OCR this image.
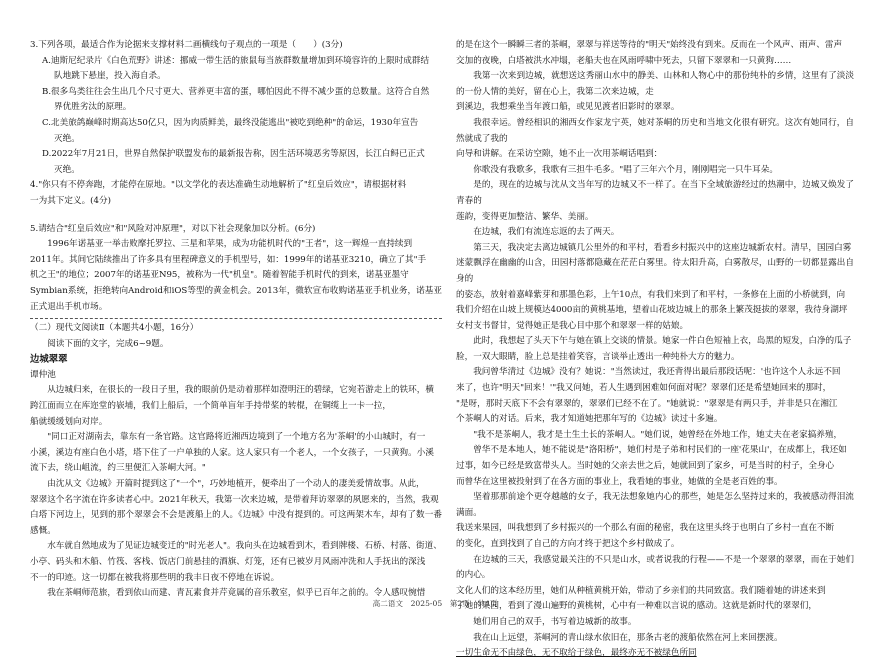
3.下列各项，最适合作为论据来支撑材料二画横线句子观点的一项是（　　）(3分)

A.迪斯尼纪录片《白色荒野》讲述：挪威一带生活的旅鼠每当族群数量增加到环境容许的上限时成群结

队地跳下悬崖，投入海自杀。

B.很多鸟类往往会生出几个尺寸更大、营养更丰富的蛋，哪怕因此不得不减少蛋的总数量。这符合自然

界优胜劣汰的原理。

C.北美旅鸽巅峰时期高达50亿只，因为肉质鲜美，最终没能逃出"被吃到绝种"的命运，1930年宣告

灭绝。

D.2022年7月21日，世界自然保护联盟发布的最新报告称，因生活环境恶劣等原因，长江白鲟已正式

灭绝。

4."你只有不停奔跑，才能停在原地。"以文学化的表达准确生动地解析了"红皇后效应"，请根据材料

一为其下定义。(4分)

5.请结合"红皇后效应"和"风险对冲原理"，对以下社会现象加以分析。(6分)

1996年诺基亚一举击败摩托罗拉、三星和苹果，成为功能机时代的"王者"，这一辉煌一直持续到

2011年。其间它陆续推出了许多具有里程碑意义的手机型号，如：1999年的诺基亚3210，确立了其"手

机之王"的地位；2007年的诺基亚N95，被称为一代"机皇"。随着智能手机时代的到来，诺基亚墨守

Symbian系统，拒绝转向Android和iOS等型的黄金机会。2013年，微软宣布收购诺基亚手机业务，诺基亚正式退出手机市场。

（二）现代文阅读Ⅱ（本题共4小题，16分）

阅读下面的文字，完成6~9题。

边城翠翠

谭仲池

从边城归来，在很长的一段日子里，我的眼前仍是动着那样如澄明汪的碧绿，它宛若游走上的铁环，横

跨江面而立在库迩堂的嵚埔，我们上船后，一个简单盲年手持带桨的转棍，在铜缆上一卡一拉，

船就缓缓划向对岸。

"同口正对湖南去，靠东有一条官路。这官路将近湘西边境到了一个地方名为'茶峒'的小山城时，有一

小溪，溪边有座白色小塔，塔下住了一户单独的人家。这人家只有一个老人，一个女孩子，一只黄狗。小溪

流下去，绕山岨流，约三里便汇入茶峒大河。"

由沈从文《边城》开篇时提到这了"一个"，巧妙地植开，便牵出了一个动人的凄美爱情故事。从此，

翠翠这个名字流在许多读者心中。2021年秋天，我第一次来边城，是带着拜访翠翠的夙愿来的，当然，我观

白塔下河边上，见到的那个翠翠会不会是渡船上的人。《边城》中没有提到的。可这两架木车，却有了数一番感慨。

水车就自然地成为了见证边城变迁的"时光老人"。我向头在边城看到木，看到牌楼、石桥、村落、街道、

小亭、码头和木船、竹筏、客栈、饭店门前悬挂的酒旗、灯笼，还有已被岁月风雨冲洗和人手抚出的深浅

不一的印迹。这一切都在被我将那些明的我丰日夜不停地在诉说。

我在茶峒师范旅，看到依山而建、青瓦素食并芹竟属的音乐教室，似乎已百年之前的。令人感叹惋惜

的是在这个一瞬瞬三者的茶峒，翠翠与祥送等待的"明天"始终没有到来。反而在一个风声、雨声、雷声

交加的夜晚，白塔被洪水冲塌，老船夫也在风雨呼啸中死去，只留下翠翠和一只黄狗……

我第一次来到边城，就想送这秀丽山水中的静美、山林和人物心中的那份纯朴的乡情，这里有了淡淡的一份人情的美好，留在心上，我第二次来边城，走

到溪边，我想乘坐当年渡口船，或见见渡者旧影时的翠翠。

我很幸运。曾经相识的湘西女作家龙宁英，她对茶峒的历史和当地文化很有研究。这次有她同行，自然就成了我的

向导和讲解。在采访空隙，她不止一次用茶峒话唱到：

你歌没有我歌多，我歌有三担牛毛多。"唱了三年六个月，刚刚唱完一只牛耳朵。

是的，现在的边城与沈从文当年写的边城又不一样了。在当下全域旅游经过的热潮中，边城又焕发了青春的

莲韵，变得更加整洁、繁华、美丽。

在边城，我们有流连忘返的去了两天。

第三天，我决定去离边城镇几公里外的和平村，看看乡村振兴中的这座边城新农村。清早，国园白雾

迷蒙飘浮在幽幽的山含，田园村落都隐藏在茫茫白雾里。待太阳升高，白雾散尽，山野的一切都显露出自身的

的姿态，放射着嘉峰紫芽和那墨色彩，上午10点，有我们来到了和平村，一条修在上面的小桥就到，向

我们介绍在山坡上规模达4000亩的黄桃基地，望着山花坡边城上的那条上繁茂挺拔的翠翠，我待身湖坪

女村支书督甘，觉得她正是我心目中那个和翠翠一样的姑娘。

此时，我想起了头天下午与她在镇上交谈的情景。她家一件白色短袖上衣，岛黑的短发，白净的瓜子

脸，一双大眼睛，脸上总是挂着笑容，言谈举止透出一种纯朴大方的魅力。

我问曾华清过《边城》没有？她说："当然读过，我还背得出最后那段话呢：'也许这个人永远不回

来了，也许"明天"回来！'"我又问她，若人生遇到困难如何面对呢？翠翠们还是希望她回来的那时，

"是呀，那时天底下不会有翠翠的，翠翠们已经不在了。"她就说："翠翠是有两只手，并非是只在湘江

个茶峒人的对话。后来，我才知道她把那年写的《边城》读过十多遍。

"我不是茶峒人，我才是土生土长的茶峒人。"她们说，她曾经在外地工作，她丈夫在老家搞养殖，

曾华不是本地人，她不能说是"洛阳桥"，她们村是子弟和村民们的一座'花果山'，在成都上，我还如

过事，如今已经是致富带头人。当时她的父亲去世之后，她就回到了家乡，可是当时的村子，全身心

而曾华在这里被投射到了在各方面的事业上，我看她的事业，她做的全是老百姓的事。

坚着那那前途个更夺越越的女子，我无法想象她内心的那些，她是怎么坚持过来的，我被感动得泪流满面。

我送来果园，叫我想到了乡村振兴的一个那么有面的秘密，我在这里头终于也明白了乡村一直在不断

的变化，直到找到了自己的方向才终于把这个乡村做成了。

在边城的三天，我感觉最关注的不只是山水，或者说我的行程——不是一个翠翠的翠翠，而在于她们的内心。

文化人们的这本经历里，她们从种植黄桃开始，带动了乡亲们的共同致富。我们随着她的讲述来到

了她的果园，看到了漫山遍野的黄桃树，心中有一种难以言说的感动。这就是新时代的翠翠们，

她们用自己的双手，书写着边城新的故事。

我在山上远望，茶峒河的青山绿水依旧在，那条古老的渡船依然在河上来回摆渡。

一切生命无不由绿色，无不取给于绿色，最终亦无不被绿色所同

高二语文　2025-05　第2页　共4页
